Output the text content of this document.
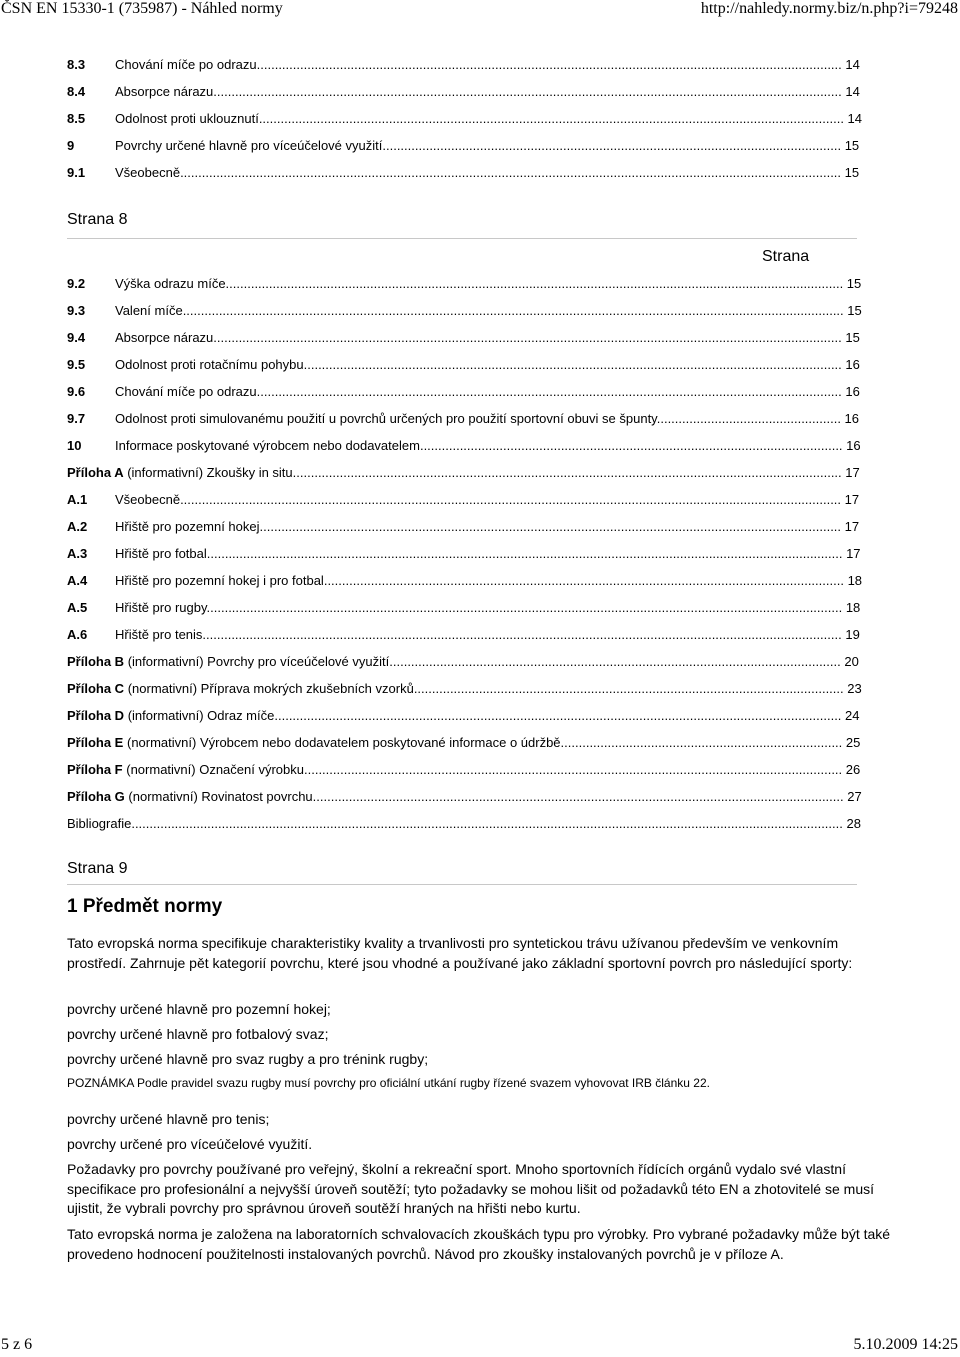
ČSN EN 15330-1 (735987) - Náhled normy	http://nahledy.normy.biz/n.php?i=79248
8.3 Chování míče po odrazu.................................................................................................................................................................. 14
8.4 Absorpce nárazu.............................................................................................................................................................................. 14
8.5 Odolnost proti uklouznutí.................................................................................................................................................................. 14
9	Povrchy určené hlavně pro víceúčelové využití............................................................................................................................... 15
9.1 Všeobecně....................................................................................................................................................................................... 15
Strana 8
Strana
9.2 Výška odrazu míče........................................................................................................................................................................... 15
9.3 Valení míče....................................................................................................................................................................................... 15
9.4 Absorpce nárazu.............................................................................................................................................................................. 15
9.5 Odolnost proti rotačnímu pohybu..................................................................................................................................................... 16
9.6 Chování míče po odrazu.................................................................................................................................................................. 16
9.7 Odolnost proti simulovanému použití u povrchů určených pro použití sportovní obuvi se špunty................................................... 16
10	Informace poskytované výrobcem nebo dodavatelem..................................................................................................................... 16
Příloha A (informativní) Zkoušky in situ........................................................................................................................................................ 17
A.1 Všeobecně....................................................................................................................................................................................... 17
A.2 Hřiště pro pozemní hokej................................................................................................................................................................. 17
A.3 Hřiště pro fotbal................................................................................................................................................................................ 17
A.4 Hřiště pro pozemní hokej i pro fotbal................................................................................................................................................ 18
A.5 Hřiště pro rugby................................................................................................................................................................................ 18
A.6 Hřiště pro tenis................................................................................................................................................................................. 19
Příloha B (informativní) Povrchy pro víceúčelové využití............................................................................................................................. 20
Příloha C (normativní) Příprava mokrých zkušebních vzorků....................................................................................................................... 23
Příloha D (informativní) Odraz míče............................................................................................................................................................. 24
Příloha E (normativní) Výrobcem nebo dodavatelem poskytované informace o údržbě.............................................................................. 25
Příloha F (normativní) Označení výrobku..................................................................................................................................................... 26
Příloha G (normativní) Rovinatost povrchu................................................................................................................................................... 27
Bibliografie..................................................................................................................................................................................................... 28
Strana 9
1 Předmět normy

Tato evropská norma specifikuje charakteristiky kvality a trvanlivosti pro syntetickou trávu užívanou především ve venkovním prostředí. Zahrnuje pět kategorií povrchu, které jsou vhodné a používané jako základní sportovní povrch pro následující sporty:

povrchy určené hlavně pro pozemní hokej;

povrchy určené hlavně pro fotbalový svaz;

povrchy určené hlavně pro svaz rugby a pro trénink rugby;

POZNÁMKA Podle pravidel svazu rugby musí povrchy pro oficiální utkání rugby řízené svazem vyhovovat IRB článku 22.

povrchy určené hlavně pro tenis;

povrchy určené pro víceúčelové využití.

Požadavky pro povrchy používané pro veřejný, školní a rekreační sport. Mnoho sportovních řídících orgánů vydalo své vlastní specifikace pro profesionální a nejvyšší úroveň soutěží; tyto požadavky se mohou lišit od požadavků této EN a zhotovitelé se musí ujistit, že vybrali povrchy pro správnou úroveň soutěží hraných na hřišti nebo kurtu.

Tato evropská norma je založena na laboratorních schvalovacích zkouškách typu pro výrobky. Pro vybrané požadavky může být také provedeno hodnocení použitelnosti instalovaných povrchů. Návod pro zkoušky instalovaných povrchů je v příloze A.

5 z 6	5.10.2009 14:25
